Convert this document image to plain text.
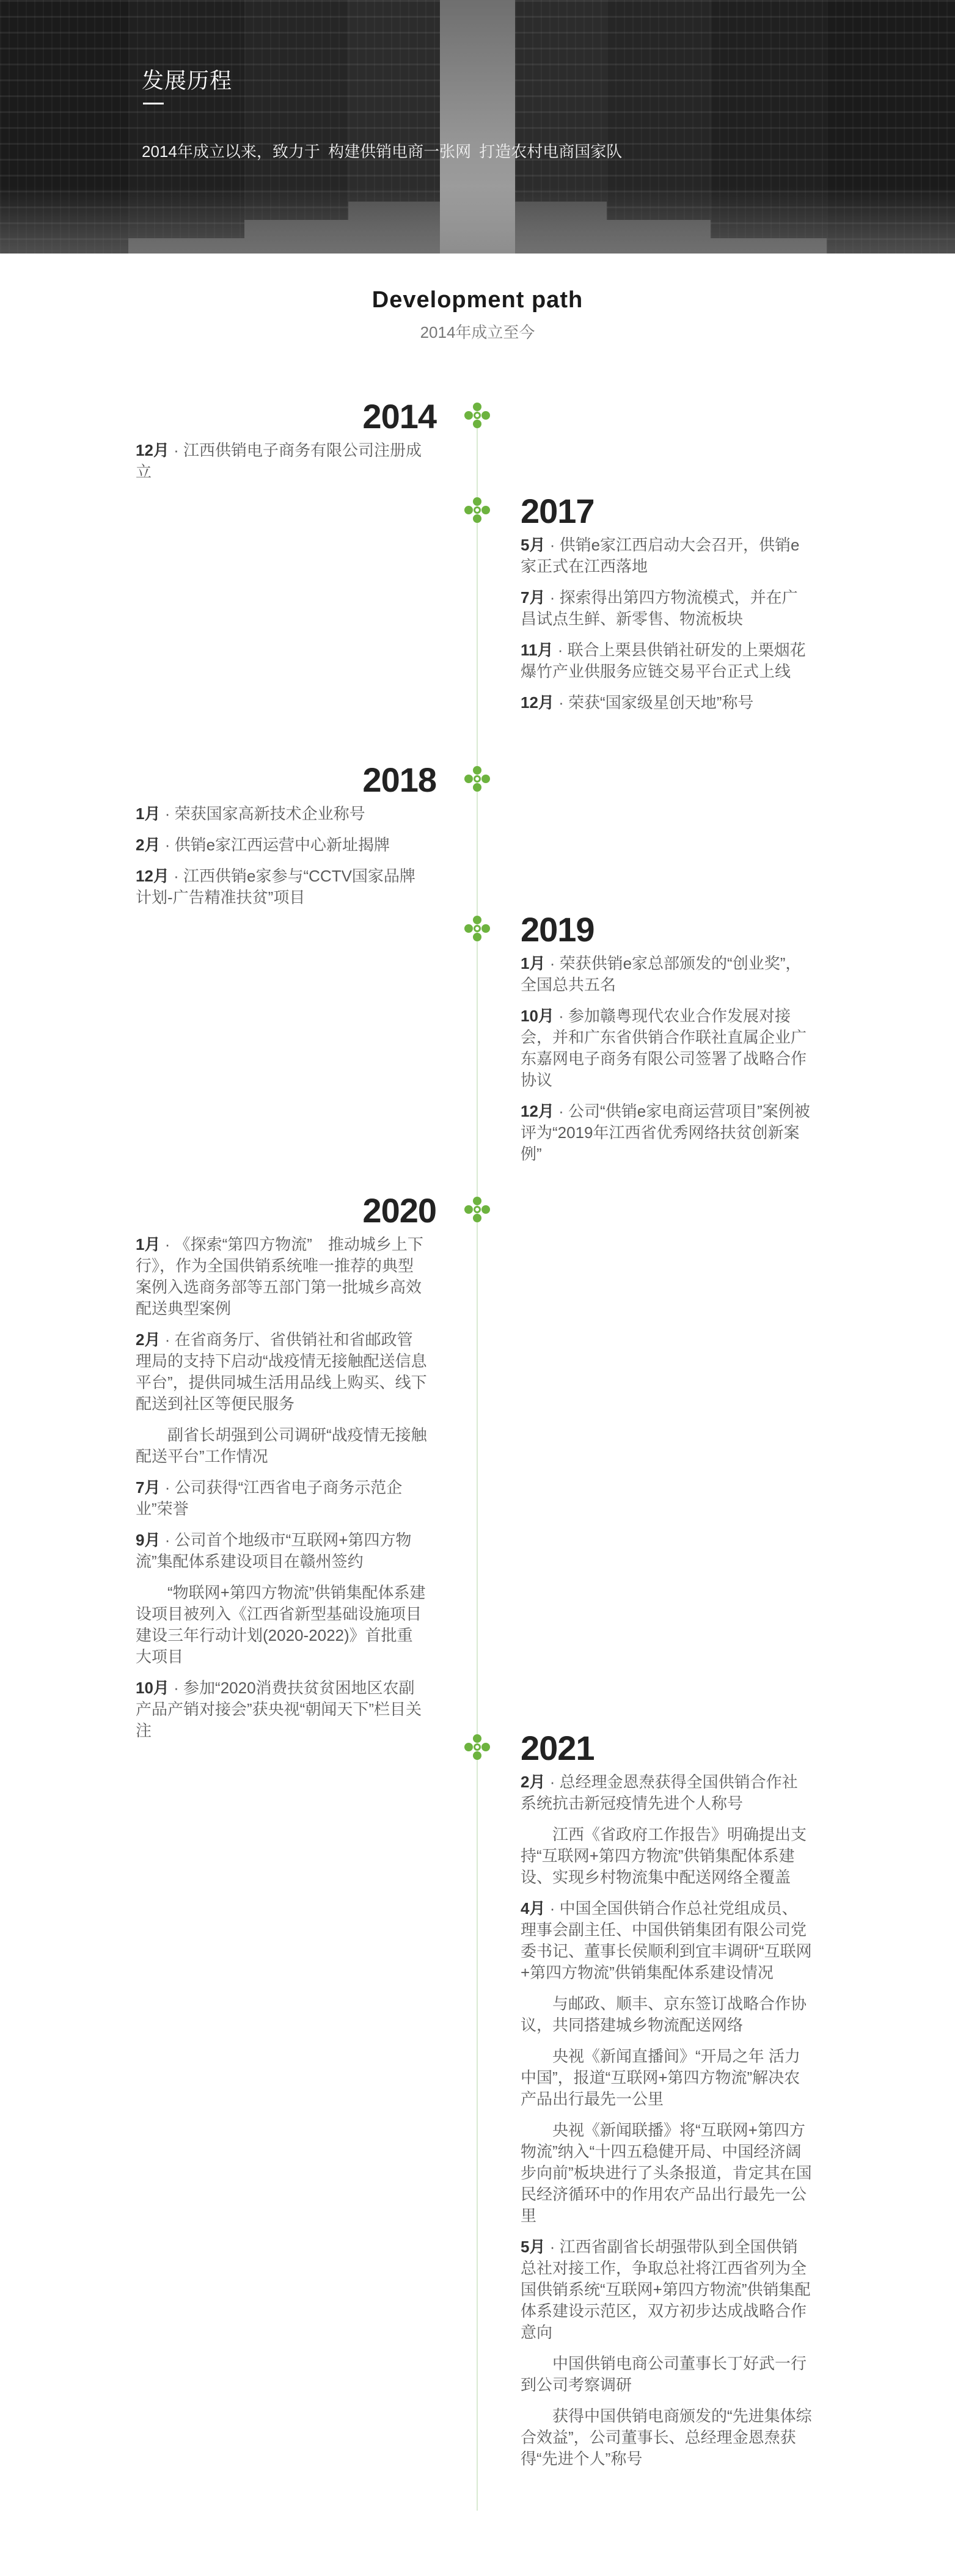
发展历程
2014年成立以来，致力于 构建供销电商一张网 打造农村电商国家队
Development path
2014年成立至今
2014
12月 · 江西供销电子商务有限公司注册成立
2017
5月 · 供销e家江西启动大会召开，供销e家正式在江西落地
7月 · 探索得出第四方物流模式，并在广昌试点生鲜、新零售、物流板块
11月 · 联合上栗县供销社研发的上栗烟花爆竹产业供服务应链交易平台正式上线
12月 · 荣获“国家级星创天地”称号
2018
1月 · 荣获国家高新技术企业称号
2月 · 供销e家江西运营中心新址揭牌
12月 · 江西供销e家参与“CCTV国家品牌计划-广告精准扶贫”项目
2019
1月 · 荣获供销e家总部颁发的“创业奖”，全国总共五名
10月 · 参加赣粤现代农业合作发展对接会，并和广东省供销合作联社直属企业广东嘉网电子商务有限公司签署了战略合作协议
12月 · 公司“供销e家电商运营项目”案例被评为“2019年江西省优秀网络扶贫创新案例”
2020
1月 · 《探索“第四方物流”　推动城乡上下行》，作为全国供销系统唯一推荐的典型案例入选商务部等五部门第一批城乡高效配送典型案例
2月 · 在省商务厅、省供销社和省邮政管理局的支持下启动“战疫情无接触配送信息平台”，提供同城生活用品线上购买、线下配送到社区等便民服务
副省长胡强到公司调研“战疫情无接触配送平台”工作情况
7月 · 公司获得“江西省电子商务示范企业”荣誉
9月 · 公司首个地级市“互联网+第四方物流”集配体系建设项目在赣州签约
“物联网+第四方物流”供销集配体系建设项目被列入《江西省新型基础设施项目建设三年行动计划(2020-2022)》首批重大项目
10月 · 参加“2020消费扶贫贫困地区农副产品产销对接会”获央视“朝闻天下”栏目关注	2021
2月 · 总经理金恩焘获得全国供销合作社系统抗击新冠疫情先进个人称号
江西《省政府工作报告》明确提出支持“互联网+第四方物流”供销集配体系建设、实现乡村物流集中配送网络全覆盖
4月 · 中国全国供销合作总社党组成员、理事会副主任、中国供销集团有限公司党委书记、董事长侯顺利到宜丰调研“互联网+第四方物流”供销集配体系建设情况
与邮政、顺丰、京东签订战略合作协议，共同搭建城乡物流配送网络
央视《新闻直播间》“开局之年 活力中国”，报道“互联网+第四方物流”解决农产品出行最先一公里
央视《新闻联播》将“互联网+第四方物流”纳入“十四五稳健开局、中国经济阔步向前”板块进行了头条报道，肯定其在国民经济循环中的作用农产品出行最先一公里
5月 · 江西省副省长胡强带队到全国供销总社对接工作，争取总社将江西省列为全国供销系统“互联网+第四方物流”供销集配体系建设示范区，双方初步达成战略合作意向
中国供销电商公司董事长丁好武一行到公司考察调研
获得中国供销电商颁发的“先进集体综合效益”，公司董事长、总经理金恩焘获得“先进个人”称号
